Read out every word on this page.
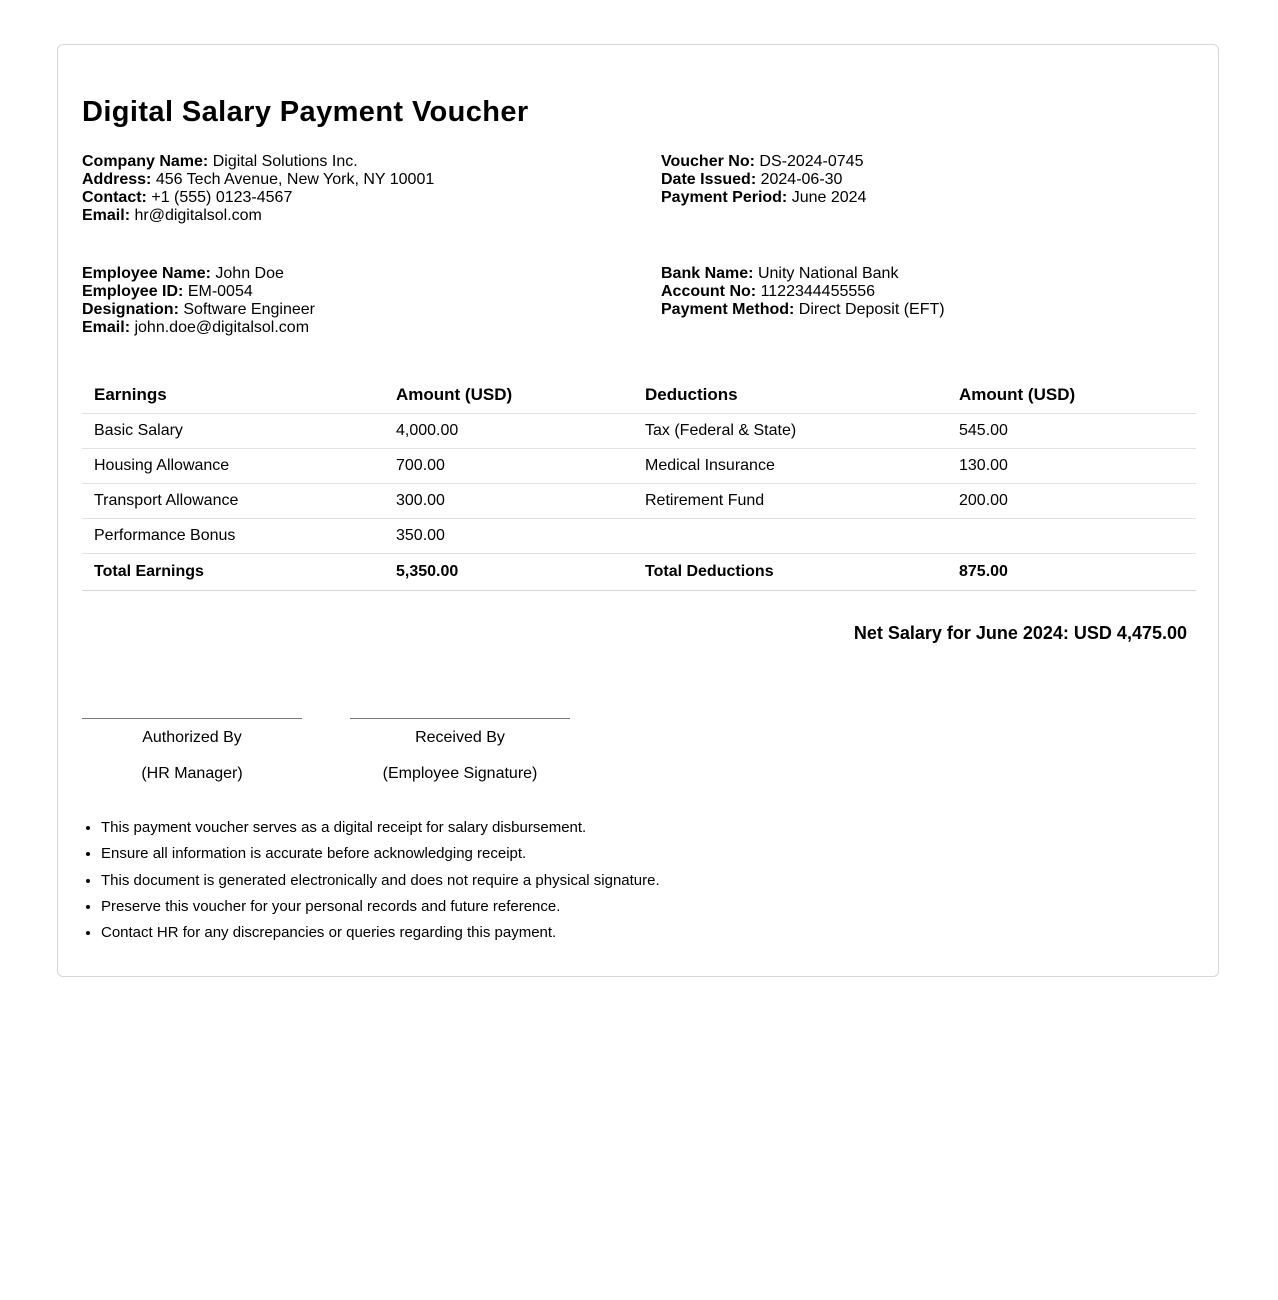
Digital Salary Payment Voucher
Company Name: Digital Solutions Inc.
Address: 456 Tech Avenue, New York, NY 10001
Contact: +1 (555) 0123-4567
Email: hr@digitalsol.com
Voucher No: DS-2024-0745
Date Issued: 2024-06-30
Payment Period: June 2024
Employee Name: John Doe
Employee ID: EM-0054
Designation: Software Engineer
Email: john.doe@digitalsol.com
Bank Name: Unity National Bank
Account No: 1122344455556
Payment Method: Direct Deposit (EFT)
Earnings	Amount (USD)	Deductions	Amount (USD)
Basic Salary	4,000.00	Tax (Federal & State)	545.00
Housing Allowance	700.00	Medical Insurance	130.00
Transport Allowance	300.00	Retirement Fund	200.00
Performance Bonus	350.00		
Total Earnings	5,350.00	Total Deductions	875.00
Net Salary for June 2024: USD 4,475.00
Authorized By
(HR Manager)
Received By
(Employee Signature)
• This payment voucher serves as a digital receipt for salary disbursement.
• Ensure all information is accurate before acknowledging receipt.
• This document is generated electronically and does not require a physical signature.
• Preserve this voucher for your personal records and future reference.
• Contact HR for any discrepancies or queries regarding this payment.
